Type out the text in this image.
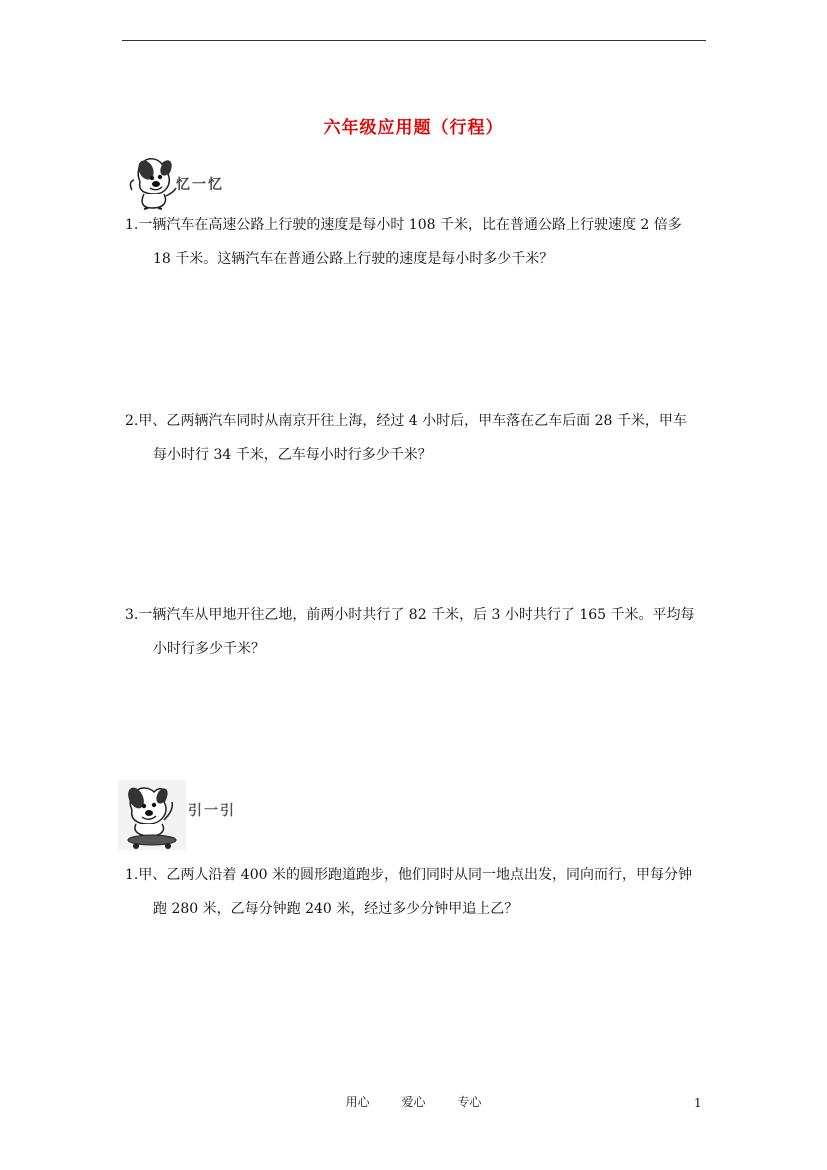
六年级应用题（行程）
忆一忆
1.一辆汽车在高速公路上行驶的速度是每小时 108 千米，比在普通公路上行驶速度 2 倍多
18 千米。这辆汽车在普通公路上行驶的速度是每小时多少千米？
2.甲、乙两辆汽车同时从南京开往上海，经过 4 小时后，甲车落在乙车后面 28 千米，甲车
每小时行 34 千米，乙车每小时行多少千米？
3.一辆汽车从甲地开往乙地，前两小时共行了 82 千米，后 3 小时共行了 165 千米。平均每
小时行多少千米？
引一引
1.甲、乙两人沿着 400 米的圆形跑道跑步，他们同时从同一地点出发，同向而行，甲每分钟
跑 280 米，乙每分钟跑 240 米，经过多少分钟甲追上乙？
用心	爱心	专心	1
